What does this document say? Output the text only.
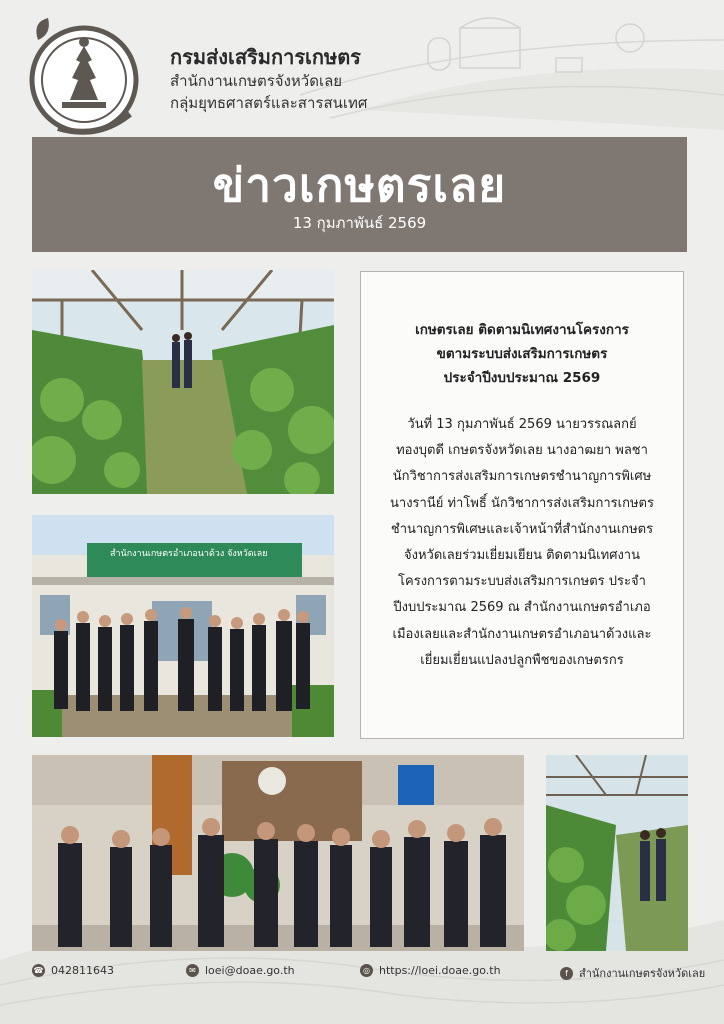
กรมส่งเสริมการเกษตร
สำนักงานเกษตรจังหวัดเลย
กลุ่มยุทธศาสตร์และสารสนเทศ
ข่าวเกษตรเลย
13 กุมภาพันธ์ 2569
สำนักงานเกษตรอำเภอนาด้วง จังหวัดเลย
เกษตรเลย ติดตามนิเทศงานโครงการ
ขตามระบบส่งเสริมการเกษตร
ประจำปีงบประมาณ 2569
วันที่ 13 กุมภาพันธ์ 2569 นายวรรณลกย์
ทองบุตดี เกษตรจังหวัดเลย นางอาฒยา พลชา
นักวิชาการส่งเสริมการเกษตรชำนาญการพิเศษ
นางรานีย์ ท่าโพธิ์ นักวิชาการส่งเสริมการเกษตร
ชำนาญการพิเศษและเจ้าหน้าที่สำนักงานเกษตร
จังหวัดเลยร่วมเยี่ยมเยียน ติดตามนิเทศงาน
โครงการตามระบบส่งเสริมการเกษตร ประจำ
ปีงบประมาณ 2569 ณ สำนักงานเกษตรอำเภอ
เมืองเลยและสำนักงานเกษตรอำเภอนาด้วงและ
เยี่ยมเยี่ยนแปลงปลูกพืชของเกษตรกร
☎ 042811643	✉ loei@doae.go.th	◎ https://loei.doae.go.th	f	สำนักงานเกษตรจังหวัดเลย
